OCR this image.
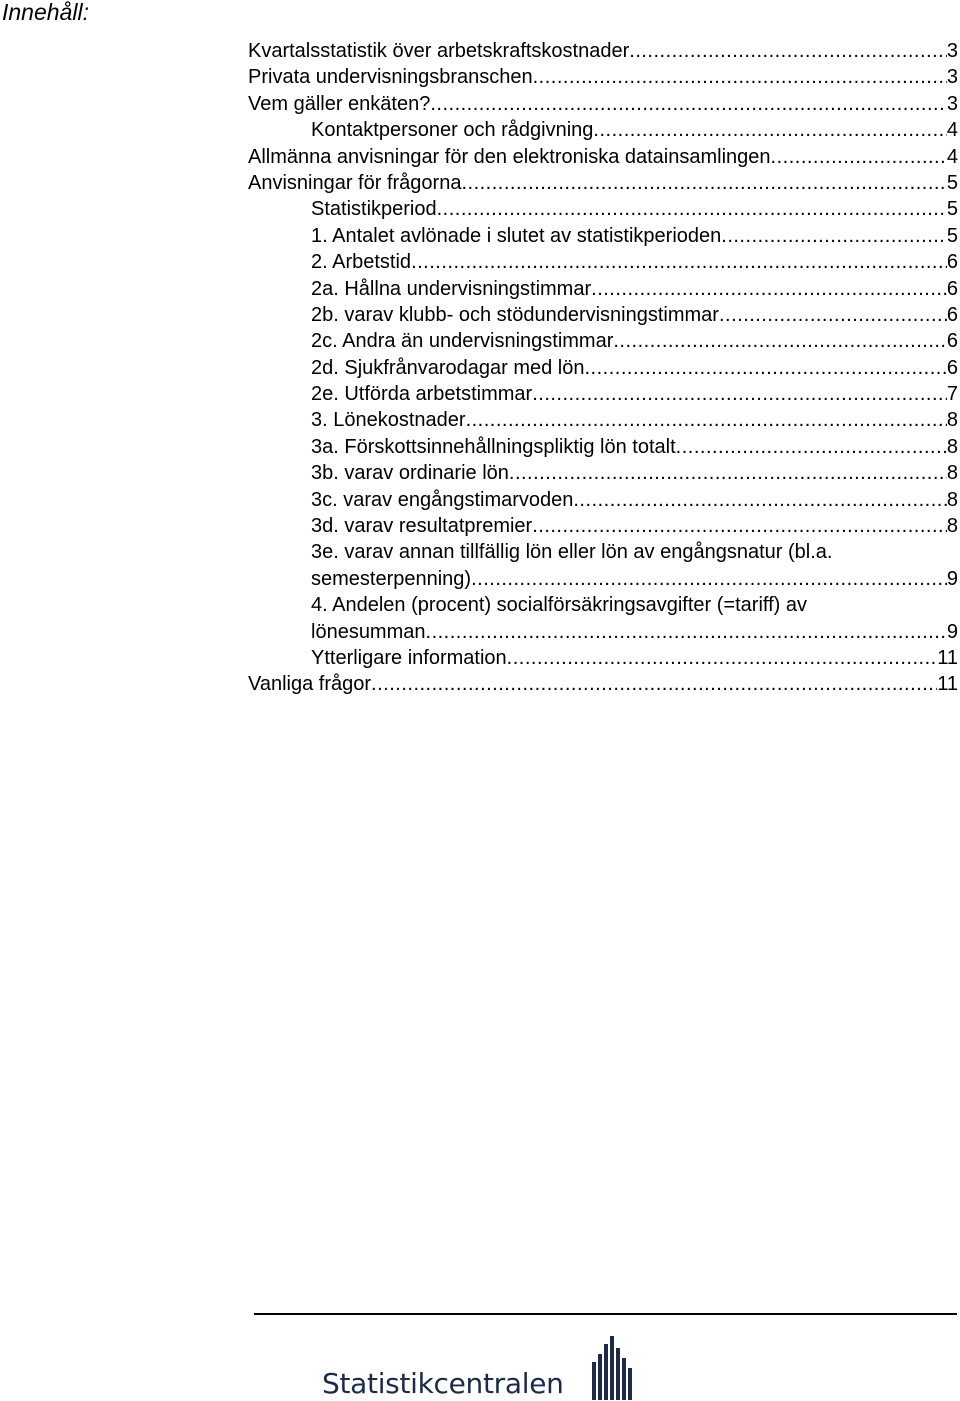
Innehåll:
Kvartalsstatistik över arbetskraftskostnader .....	3
Privata undervisningsbranschen .....	3
Vem gäller enkäten? .....	3
Kontaktpersoner och rådgivning .....	4
Allmänna anvisningar för den elektroniska datainsamlingen .....	4
Anvisningar för frågorna .....	5
Statistikperiod .....	5
1. Antalet avlönade i slutet av statistikperioden .....	5
2. Arbetstid .....	6
2a. Hållna undervisningstimmar .....	6
2b. varav klubb- och stödundervisningstimmar .....	6
2c. Andra än undervisningstimmar .....	6
2d. Sjukfrånvarodagar med lön .....	6
2e. Utförda arbetstimmar .....	7
3. Lönekostnader .....	8
3a. Förskottsinnehållningspliktig lön totalt .....	8
3b. varav ordinarie lön .....	8
3c. varav engångstimarvoden .....	8
3d. varav resultatpremier .....	8
3e. varav annan tillfällig lön eller lön av engångsnatur (bl.a.
semesterpenning) .....	9
4. Andelen (procent) socialförsäkringsavgifter (=tariff) av
lönesumman .....	9
Ytterligare information .....	11
Vanliga frågor .....	11
Statistikcentralen
